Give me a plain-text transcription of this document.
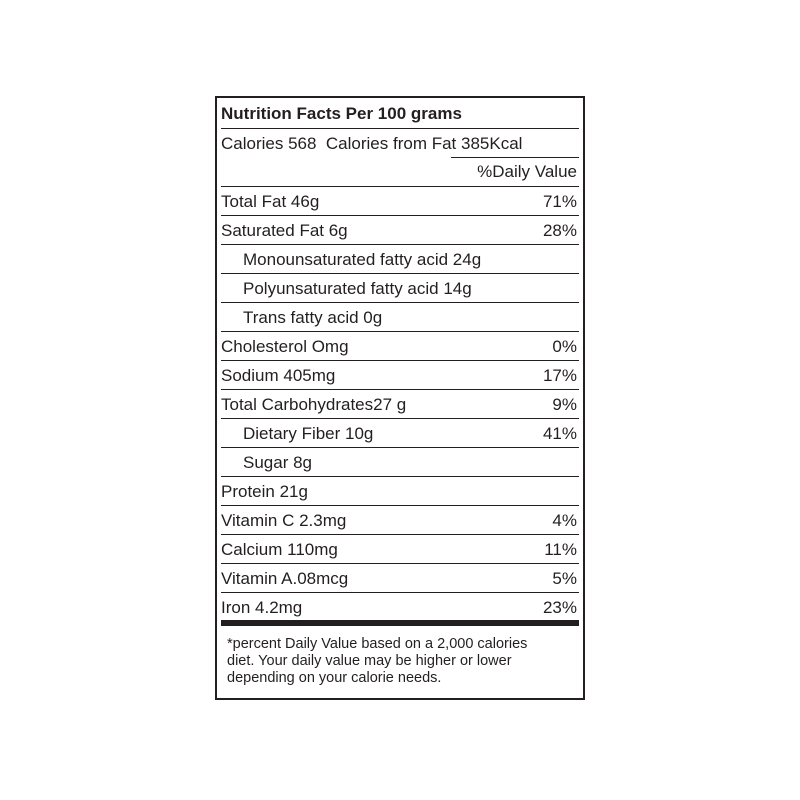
Nutrition Facts Per 100 grams
Calories 568 Calories from Fat 385Kcal
%Daily Value
Total Fat 46g	71%
Saturated Fat 6g	28%
Monounsaturated fatty acid 24g
Polyunsaturated fatty acid 14g
Trans fatty acid 0g
Cholesterol Omg	0%
Sodium 405mg	17%
Total Carbohydrates27 g	9%
Dietary Fiber 10g	41%
Sugar 8g
Protein 21g
Vitamin C 2.3mg	4%
Calcium 110mg	11%
Vitamin A.08mcg	5%
Iron 4.2mg	23%
*percent Daily Value based on a 2,000 calories
diet. Your daily value may be higher or lower
depending on your calorie needs.
